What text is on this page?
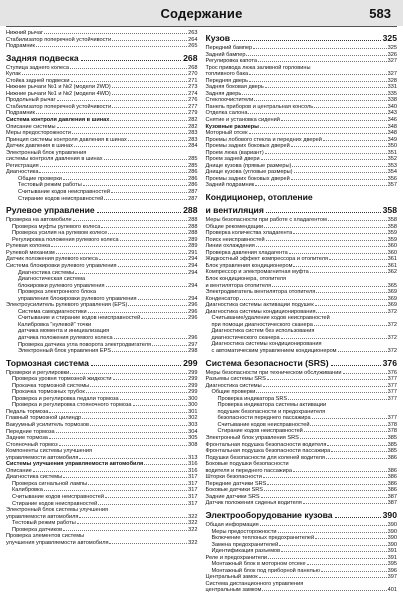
Содержание	583
Нижний рычаг	263
Стабилизатор поперечной устойчивости	264
Подрамник	265
Задняя подвеска	268
Ступица заднего колеса	268
Кулак	270
Стойка задней подвески	271
Нижние рычаги №1 и №2 (модели 2WD)	273
Нижние рычаги №1 и №2 (модели 4WD)	274
Продольный рычаг	276
Стабилизатор поперечной устойчивости	277
Подрамник	279
Система контроля давления в шинах	282
Описание системы	282
Меры предосторожности	283
Принцип системы контроля давления в шинах	283
Датчик давления в шинах	284
Электронный блок управления
системы контроля давления в шинах	285
Регистрация	285
Диагностика	286
Общие проверки	286
Тестовый режим работы	286
Считывание кодов неисправностей	287
Стирание кодов неисправностей	287
Рулевое управление	288
Проверка на автомобиле	288
Проверка муфты рулевого колеса	288
Проверка усилия на рулевом колесе	288
Регулировка положения рулевого колеса	289
Рулевая колонка	289
Рулевой механизм	291
Датчик положения рулевого колеса	294
Система блокировки рулевого управления	294
Диагностика системы	294
Диагностическая система
блокировки рулевого управления	294
Проверка электронного блока
управления блокировки рулевого управления	294
Электроусилитель рулевого управления (EPS)	296
Система самодиагностики	296
Считывание и стирание кодов неисправностей	296
Калибровка "нулевой" точки
датчика момента и инициализация
датчика положения рулевого колеса	296
Проверка датчика угла поворота электродвигателя	297
Электронный блок управления EPS	298
Тормозная система	299
Проверки и регулировки	299
Проверка уровня тормозной жидкости	299
Прокачка тормозной системы	299
Прокачка тормозных трубок	299
Проверка и регулировка педали тормоза	300
Проверка и регулировка стояночного тормоза	300
Педаль тормоза	301
Главный тормозной цилиндр	302
Вакуумный усилитель тормозов	303
Передние тормоза	304
Задние тормоза	305
Стояночный тормоз	308
Компоненты системы улучшения
управляемости автомобиля	313
Системы улучшения управляемости автомобиля	316
Описание	316
Диагностика системы	317
Проверка сигнальной лампы	317
Калибровка	317
Считывание кодов неисправностей	317
Стирание кодов неисправностей	317
Электронный блок системы улучшения
управляемости автомобиля	322
Тестовый режим работы	322
Проверка датчиков	322
Проверка элементов системы
улучшения управляемости автомобиля	322
Кузов	325
Передний бампер	325
Задний бампер	326
Регулировка капота	327
Трос привода люка заливной горловины
топливного бака	327
Передняя дверь	328
Задняя боковая дверь	331
Задняя дверь	335
Стеклоочистители	338
Панель приборов и центральная консоль	340
Отделка салона	343
Снятие и установка сидений	346
Кузовные размеры	348
Моторный отсек	348
Проемы лобового стекла и передних дверей	349
Проемы задних боковых дверей	350
Проем люка (вариант)	351
Проем задней двери	352
Днище кузова (прямые размеры)	353
Днище кузова (угловые размеры)	354
Проемы задних боковых дверей	356
Задний подрамник	357
Кондиционер, отопление
и вентиляция	358
Меры безопасности при работе с хладагентом	358
Общие рекомендации	358
Проверка количества хладагента	359
Поиск неисправностей	359
Линии охлаждения	360
Проверка давления хладагента	360
Жидкостный эффект компрессора и отопителя	361
Блок управления кондиционером	361
Компрессор и электромагнитная муфта	362
Блок кондиционера, отопителя
и вентилятора отопителя	365
Электродвигатель вентилятора отопителя	369
Конденсатор	369
Диагностика системы активации подушек	369
Диагностика системы кондиционирования	372
Считывание/удаление кодов неисправностей
при помощи диагностического сканера	372
Диагностика систем без использования
диагностического сканера	372
Диагностика системы кондиционирования
с автоматическим управлением кондиционером	372
Система безопасности (SRS)	376
Меры безопасности при техническом обслуживании	376
Разъемы системы SRS	377
Диагностика системы	377
Общие проверки	377
Проверка индикатора SRS	377
Проверка индикатора системы активации
подушек безопасности и предохранителя
безопасности переднего пассажира	377
Считывание кодов неисправностей	378
Стирание кодов неисправностей	378
Электронный блок управления SRS	385
Фронтальная подушка безопасности водителя	385
Фронтальная подушка безопасности пассажира	385
Подушки безопасности для коленей водителя	386
Боковые подушки безопасности
водителя и переднего пассажира	386
Шторки безопасности	386
Передние датчики SRS	386
Боковые датчики SRS	386
Задние датчики SRS	387
Датчик положения сиденья водителя	387
Электрооборудование кузова	390
Общая информация	390
Меры предосторожности	390
Включение теплоных предохранителей	390
Замена предохранителей	390
Идентификация разъемов	391
Реле и предохранители	391
Монтажный блок в моторном отсеке	395
Монтажный блок под приборной панелью	396
Центральный замок	397
Система дистанционного управления
центральным замком	401
